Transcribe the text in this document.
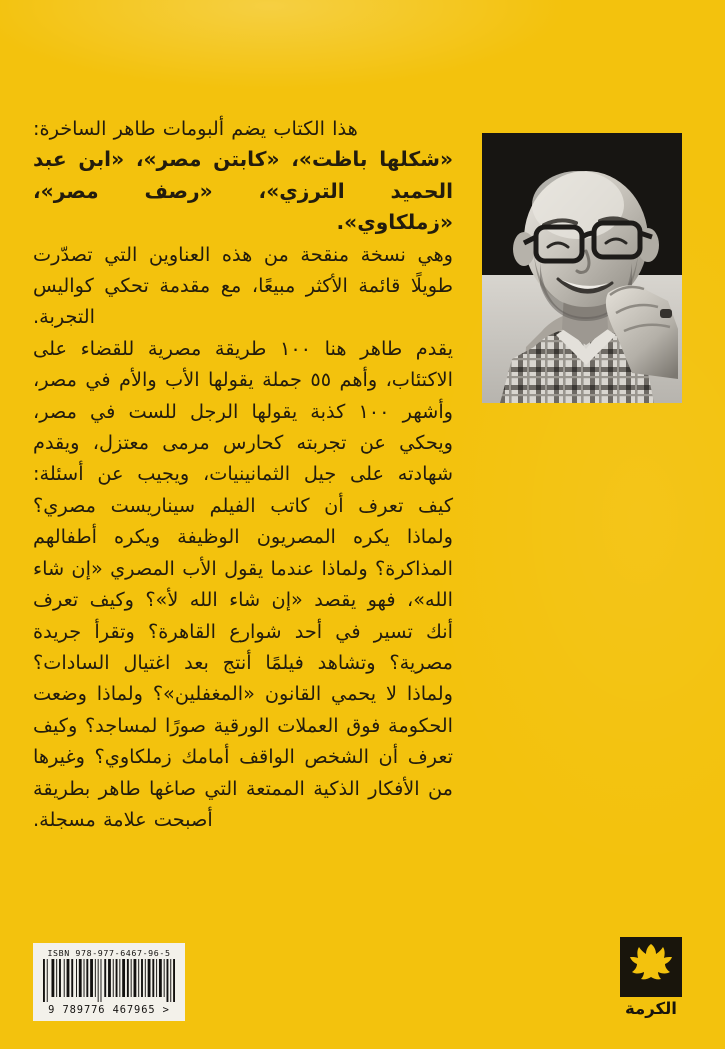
هذا الكتاب يضم ألبومات طاهر الساخرة:

«شكلها باظت»، «كابتن مصر»، «ابن عبد الحميد الترزي»، «رصف مصر»، «زملكاوي».

وهي نسخة منقحة من هذه العناوين التي تصدّرت طويلًا قائمة الأكثر مبيعًا، مع مقدمة تحكي كواليس التجربة.

يقدم طاهر هنا ١٠٠ طريقة مصرية للقضاء على الاكتئاب، وأهم ٥٥ جملة يقولها الأب والأم في مصر، وأشهر ١٠٠ كذبة يقولها الرجل للست في مصر، ويحكي عن تجربته كحارس مرمى معتزل، ويقدم شهادته على جيل الثمانينيات، ويجيب عن أسئلة: كيف تعرف أن كاتب الفيلم سيناريست مصري؟ ولماذا يكره المصريون الوظيفة ويكره أطفالهم المذاكرة؟ ولماذا عندما يقول الأب المصري «إن شاء الله»، فهو يقصد «إن شاء الله لأ»؟ وكيف تعرف أنك تسير في أحد شوارع القاهرة؟ وتقرأ جريدة مصرية؟ وتشاهد فيلمًا أنتج بعد اغتيال السادات؟ ولماذا لا يحمي القانون «المغفلين»؟ ولماذا وضعت الحكومة فوق العملات الورقية صورًا لمساجد؟ وكيف تعرف أن الشخص الواقف أمامك زملكاوي؟ وغيرها من الأفكار الذكية الممتعة التي صاغها طاهر بطريقة أصبحت علامة مسجلة.

ISBN 978-977-6467-96-5
9 789776 467965 >	الكرمة
